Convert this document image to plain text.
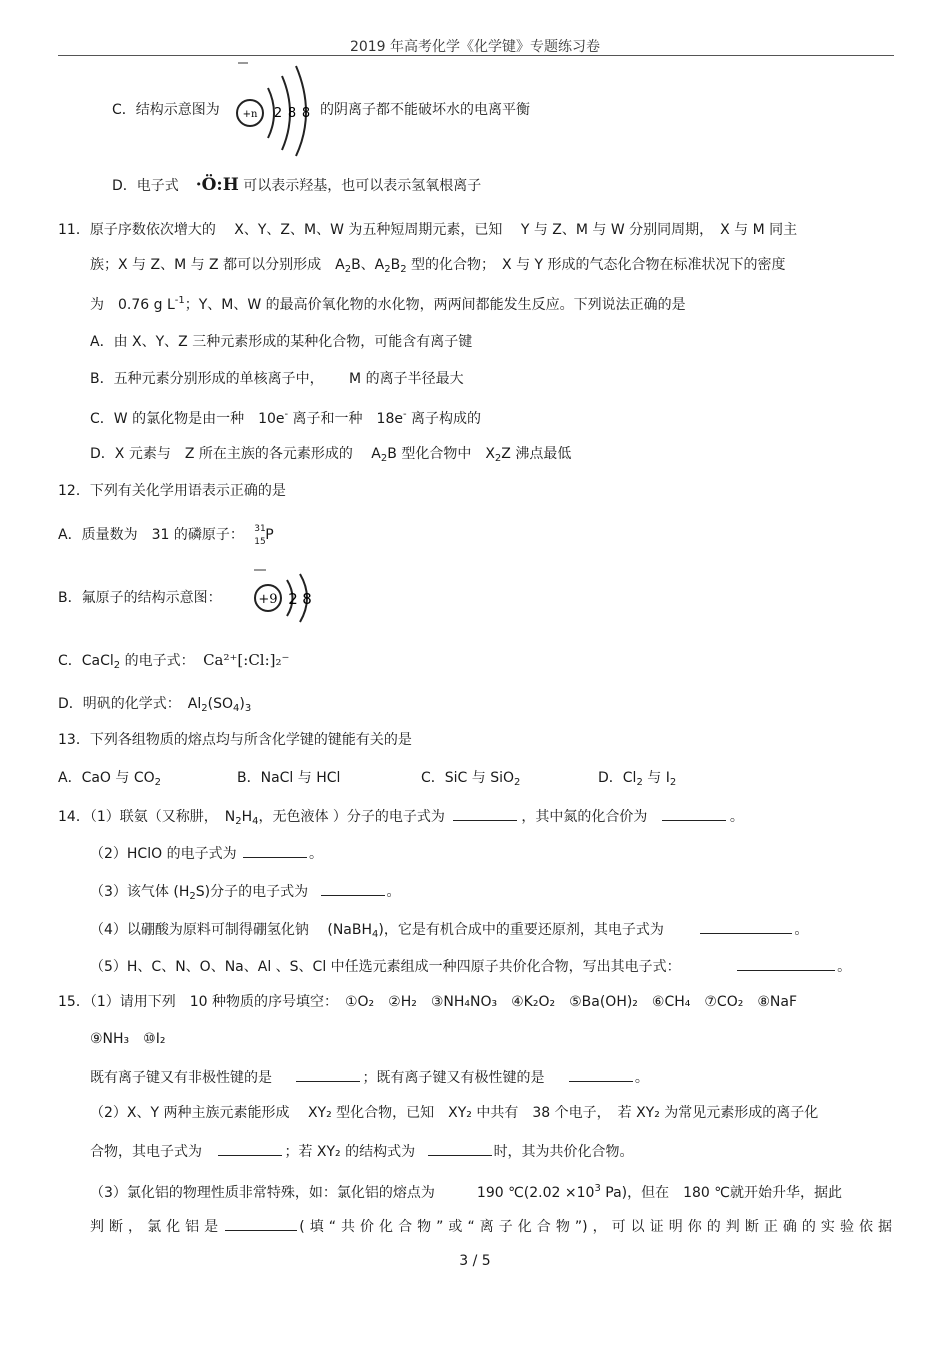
2019 年高考化学《化学键》专题练习卷
C．结构示意图为 +n 2 8 8 的阴离子都不能破坏水的电离平衡
D．电子式 ·Ö:H 可以表示羟基，也可以表示氢氧根离子
11．原子序数依次增大的　 X、Y、Z、M、W 为五种短周期元素，已知　 Y 与 Z、M 与 W 分别同周期，　X 与 M 同主
族；X 与 Z、M 与 Z 都可以分别形成　$A_2B$、$A_2B_2$ 型的化合物；　X 与 Y 形成的气态化合物在标准状况下的密度
为　0.76 g $L^{-1}$；Y、M、W 的最高价氧化物的水化物，两两间都能发生反应。下列说法正确的是
A．由 X、Y、Z 三种元素形成的某种化合物，可能含有离子键
B．五种元素分别形成的单核离子中，　　 M 的离子半径最大
C．W 的氯化物是由一种　10e- 离子和一种　18e- 离子构成的
D．X 元素与　Z 所在主族的各元素形成的　 $A_2B$ 型化合物中　$X_2Z$ 沸点最低
12．下列有关化学用语表示正确的是
A．质量数为　31 的磷原子： 31
15 P
B．氟原子的结构示意图：	+9 2 8
C．CaCl$_2$ 的电子式： Ca²⁺[:Cl:]₂⁻
D．明矾的化学式：　$Al_2(SO_4)_3$
13．下列各组物质的熔点均与所含化学键的键能有关的是
A．CaO 与 $CO_2$	B．NaCl 与 HCl	C．SiC 与 SiO$_2$	D．$Cl_2$ 与 $I_2$
14．（1）联氨（又称肼，　$N_2H_4$，无色液体 ）分子的电子式为	，其中氮的化合价为	。
（2）HClO 的电子式为	。
（3）该气体 $(H_2S)$分子的电子式为	。
（4）以硼酸为原料可制得硼氢化钠　 (NaBH$_4$)，它是有机合成中的重要还原剂，其电子式为	。
（5）H、C、N、O、Na、Al 、S、Cl 中任选元素组成一种四原子共价化合物，写出其电子式：	。
15．（1）请用下列　10 种物质的序号填空：　①O₂　②H₂　③NH₄NO₃　④K₂O₂　⑤Ba(OH)₂　⑥CH₄　⑦CO₂　⑧NaF
⑨NH₃　⑩I₂
既有离子键又有非极性键的是	；既有离子键又有极性键的是	。
（2）X、Y 两种主族元素能形成　 XY₂ 型化合物，已知　XY₂ 中共有　38 个电子，　若 XY₂ 为常见元素形成的离子化
合物，其电子式为	；若 XY₂ 的结构式为	时，其为共价化合物。
（3）氯化铝的物理性质非常特殊，如：氯化铝的熔点为　　　190 ℃(2.02 $\times 10^3$ Pa)，但在　180 ℃就开始升华，据此
判断，氯化铝是	(填“共价化合物”或“离子化合物”)，可以证明你的判断正确的实验依据
3 / 5
